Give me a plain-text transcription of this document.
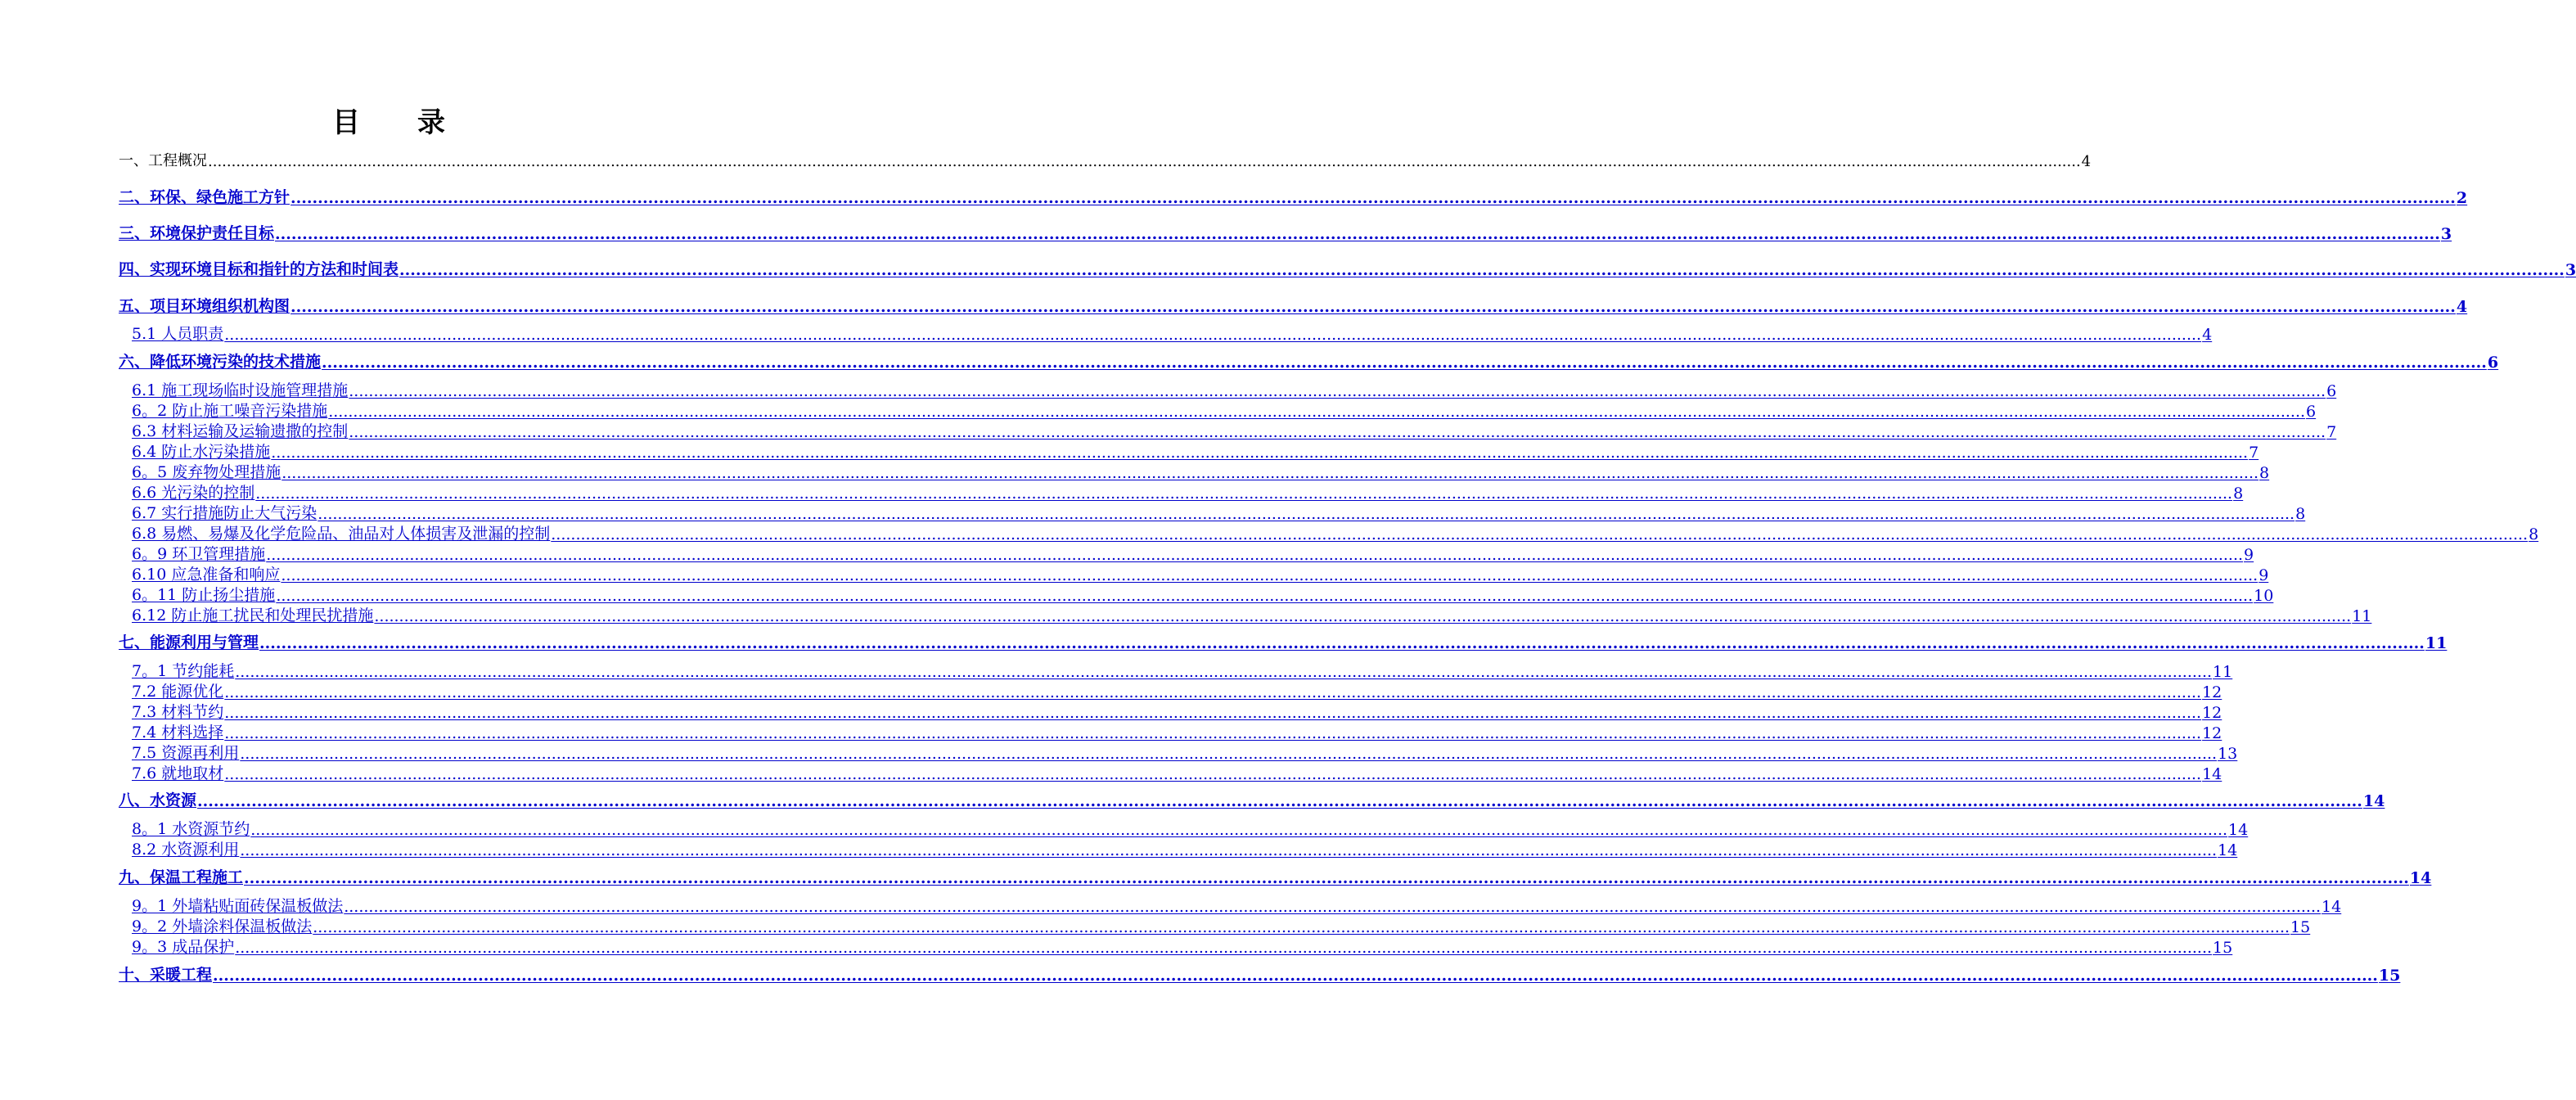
目录
一、工程概况 ................................................................................................................................................................................................................................................................................................................................................................................................................ 4
二、环保、绿色施工方针 ................................................................................................................................................................................................................................................................................................................................................................................................................ 2
三、环境保护责任目标 ................................................................................................................................................................................................................................................................................................................................................................................................................ 3
四、实现环境目标和指针的方法和时间表 ................................................................................................................................................................................................................................................................................................................................................................................................................ 3
五、项目环境组织机构图 ................................................................................................................................................................................................................................................................................................................................................................................................................ 4
5.1 人员职责 ................................................................................................................................................................................................................................................................................................................................................................................................................ 4
六、降低环境污染的技术措施 ................................................................................................................................................................................................................................................................................................................................................................................................................ 6
6.1 施工现场临时设施管理措施 ................................................................................................................................................................................................................................................................................................................................................................................................................ 6
6。2 防止施工噪音污染措施 ................................................................................................................................................................................................................................................................................................................................................................................................................ 6
6.3 材料运输及运输遗撒的控制 ................................................................................................................................................................................................................................................................................................................................................................................................................ 7
6.4 防止水污染措施 ................................................................................................................................................................................................................................................................................................................................................................................................................ 7
6。5 废弃物处理措施 ................................................................................................................................................................................................................................................................................................................................................................................................................ 8
6.6 光污染的控制 ................................................................................................................................................................................................................................................................................................................................................................................................................ 8
6.7 实行措施防止大气污染 ................................................................................................................................................................................................................................................................................................................................................................................................................ 8
6.8 易燃、易爆及化学危险品、油品对人体损害及泄漏的控制 ................................................................................................................................................................................................................................................................................................................................................................................................................ 8
6。9 环卫管理措施 ................................................................................................................................................................................................................................................................................................................................................................................................................ 9
6.10 应急准备和响应 ................................................................................................................................................................................................................................................................................................................................................................................................................ 9
6。11 防止扬尘措施 ................................................................................................................................................................................................................................................................................................................................................................................................................ 10
6.12 防止施工扰民和处理民扰措施 ................................................................................................................................................................................................................................................................................................................................................................................................................ 11
七、能源利用与管理 ................................................................................................................................................................................................................................................................................................................................................................................................................ 11
7。1 节约能耗 ................................................................................................................................................................................................................................................................................................................................................................................................................ 11
7.2 能源优化 ................................................................................................................................................................................................................................................................................................................................................................................................................ 12
7.3 材料节约 ................................................................................................................................................................................................................................................................................................................................................................................................................ 12
7.4 材料选择 ................................................................................................................................................................................................................................................................................................................................................................................................................ 12
7.5 资源再利用 ................................................................................................................................................................................................................................................................................................................................................................................................................ 13
7.6 就地取材 ................................................................................................................................................................................................................................................................................................................................................................................................................ 14
八、水资源 ................................................................................................................................................................................................................................................................................................................................................................................................................ 14
8。1 水资源节约 ................................................................................................................................................................................................................................................................................................................................................................................................................ 14
8.2 水资源利用 ................................................................................................................................................................................................................................................................................................................................................................................................................ 14
九、保温工程施工 ................................................................................................................................................................................................................................................................................................................................................................................................................ 14
9。1 外墙粘贴面砖保温板做法 ................................................................................................................................................................................................................................................................................................................................................................................................................ 14
9。2 外墙涂料保温板做法 ................................................................................................................................................................................................................................................................................................................................................................................................................ 15
9。3 成品保护 ................................................................................................................................................................................................................................................................................................................................................................................................................ 15
十、采暖工程 ................................................................................................................................................................................................................................................................................................................................................................................................................ 15
